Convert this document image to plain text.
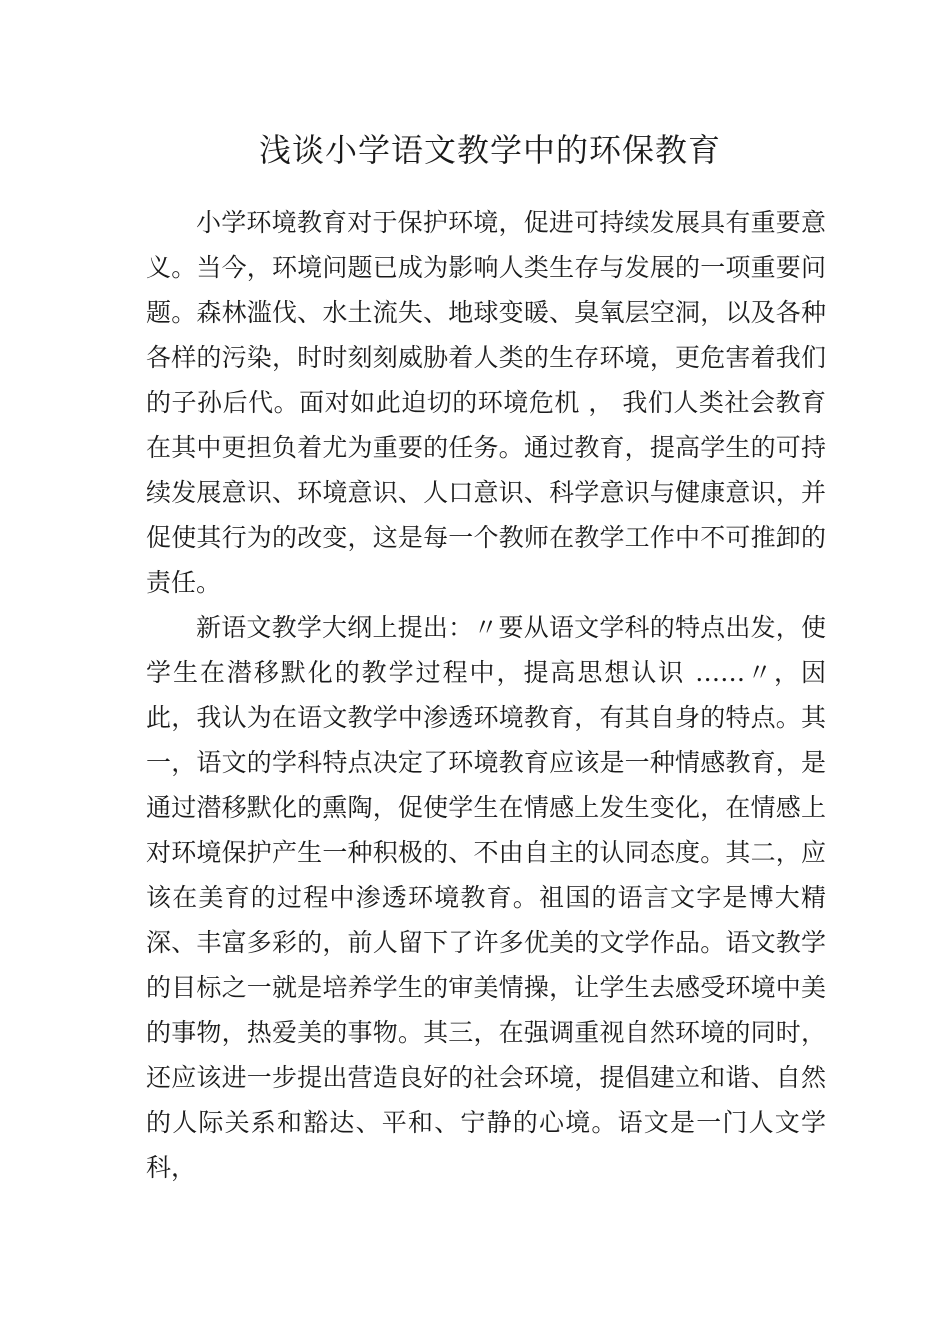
浅谈小学语文教学中的环保教育

小学环境教育对于保护环境，促进可持续发展具有重要意义。当今，环境问题已成为影响人类生存与发展的一项重要问题。森林滥伐、水土流失、地球变暖、臭氧层空洞，以及各种各样的污染，时时刻刻威胁着人类的生存环境，更危害着我们的子孙后代。面对如此迫切的环境危机 ， 我们人类社会教育在其中更担负着尤为重要的任务。通过教育，提高学生的可持续发展意识、环境意识、人口意识、科学意识与健康意识，并促使其行为的改变，这是每一个教师在教学工作中不可推卸的责任。

新语文教学大纲上提出：〃要从语文学科的特点出发，使学生在潜移默化的教学过程中，提高思想认识 ……〃，因此，我认为在语文教学中渗透环境教育，有其自身的特点。其一，语文的学科特点决定了环境教育应该是一种情感教育，是通过潜移默化的熏陶，促使学生在情感上发生变化，在情感上对环境保护产生一种积极的、不由自主的认同态度。其二，应该在美育的过程中渗透环境教育。祖国的语言文字是博大精深、丰富多彩的，前人留下了许多优美的文学作品。语文教学的目标之一就是培养学生的审美情操，让学生去感受环境中美的事物，热爱美的事物。其三，在强调重视自然环境的同时，还应该进一步提出营造良好的社会环境，提倡建立和谐、自然的人际关系和豁达、平和、宁静的心境。语文是一门人文学科，
